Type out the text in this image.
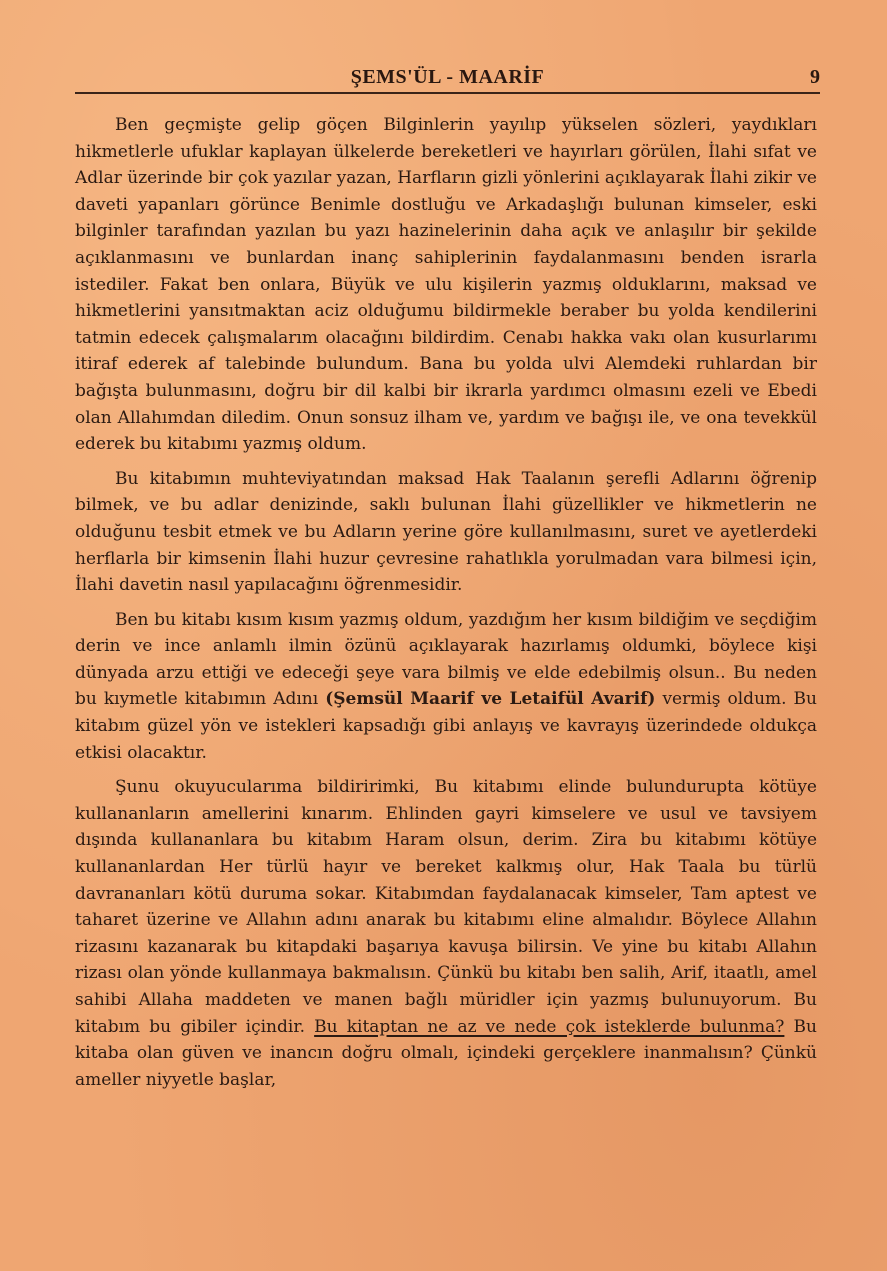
ŞEMS'ÜL - MAARİF	9

Ben geçmişte gelip göçen Bilginlerin yayılıp yükselen sözleri, yaydıkları hikmetlerle ufuklar kaplayan ülkelerde bereketleri ve hayırları görülen, İlahi sıfat ve Adlar üzerinde bir çok yazılar yazan, Harfların gizli yönlerini açıklayarak İlahi zikir ve daveti yapanları görünce Benimle dostluğu ve Arkadaşlığı bulunan kimseler, eski bilginler tarafından yazılan bu yazı hazinelerinin daha açık ve anlaşılır bir şekilde açıklanmasını ve bunlardan inanç sahiplerinin faydalanmasını benden israrla istediler. Fakat ben onlara, Büyük ve ulu kişilerin yazmış olduklarını, maksad ve hikmetlerini yansıtmaktan aciz olduğumu bildirmekle beraber bu yolda kendilerini tatmin edecek çalışmalarım olacağını bildirdim. Cenabı hakka vakı olan kusurlarımı itiraf ederek af talebinde bulundum. Bana bu yolda ulvi Alemdeki ruhlardan bir bağışta bulunmasını, doğru bir dil kalbi bir ikrarla yardımcı olmasını ezeli ve Ebedi olan Allahımdan diledim. Onun sonsuz ilham ve, yardım ve bağışı ile, ve ona tevekkül ederek bu kitabımı yazmış oldum.

Bu kitabımın muhteviyatından maksad Hak Taalanın şerefli Adlarını öğrenip bilmek, ve bu adlar denizinde, saklı bulunan İlahi güzellikler ve hikmetlerin ne olduğunu tesbit etmek ve bu Adların yerine göre kullanılmasını, suret ve ayetlerdeki herflarla bir kimsenin İlahi huzur çevresine rahatlıkla yorulmadan vara bilmesi için, İlahi davetin nasıl yapılacağını öğrenmesidir.

Ben bu kitabı kısım kısım yazmış oldum, yazdığım her kısım bildiğim ve seçdiğim derin ve ince anlamlı ilmin özünü açıklayarak hazırlamış oldumki, böylece kişi dünyada arzu ettiği ve edeceği şeye vara bilmiş ve elde edebilmiş olsun.. Bu neden bu kıymetle kitabımın Adını (Şemsül Maarif ve Letaifül Avarif) vermiş oldum. Bu kitabım güzel yön ve istekleri kapsadığı gibi anlayış ve kavrayış üzerindede oldukça etkisi olacaktır.

Şunu okuyucularıma bildiririmki, Bu kitabımı elinde bulundurupta kötüye kullananların amellerini kınarım. Ehlinden gayri kimselere ve usul ve tavsiyem dışında kullananlara bu kitabım Haram olsun, derim. Zira bu kitabımı kötüye kullananlardan Her türlü hayır ve bereket kalkmış olur, Hak Taala bu türlü davrananları kötü duruma sokar. Kitabımdan faydalanacak kimseler, Tam aptest ve taharet üzerine ve Allahın adını anarak bu kitabımı eline almalıdır. Böylece Allahın rizasını kazanarak bu kitapdaki başarıya kavuşa bilirsin. Ve yine bu kitabı Allahın rizası olan yönde kullanmaya bakmalısın. Çünkü bu kitabı ben salih, Arif, itaatlı, amel sahibi Allaha maddeten ve manen bağlı müridler için yazmış bulunuyorum. Bu kitabım bu gibiler içindir. Bu kitaptan ne az ve nede çok isteklerde bulunma? Bu kitaba olan güven ve inancın doğru olmalı, içindeki gerçeklere inanmalısın? Çünkü ameller niyyetle başlar,
